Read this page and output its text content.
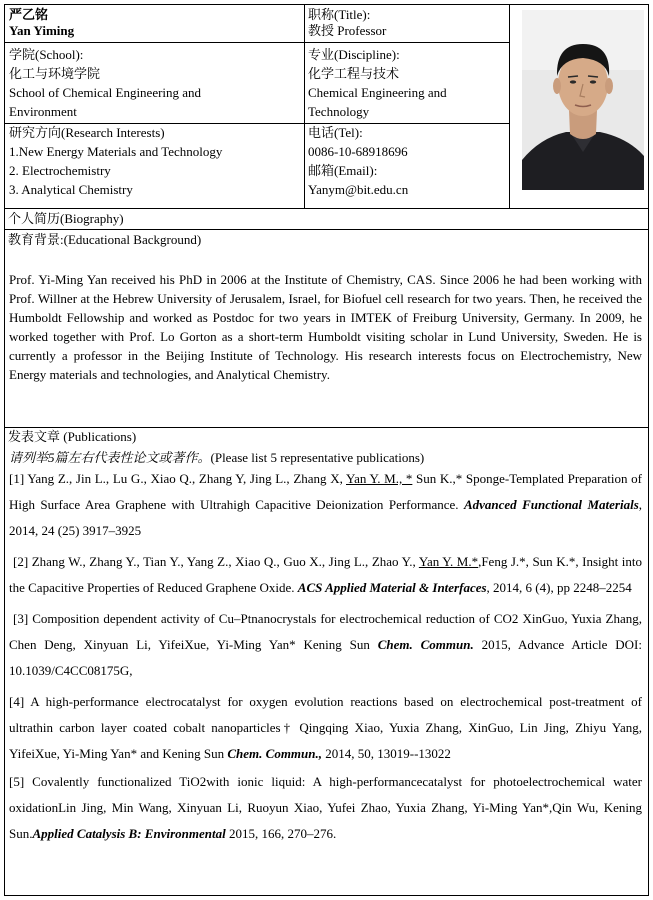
严乙铭
Yan Yiming
职称(Title):
教授 Professor
学院(School):
化工与环境学院
School of Chemical Engineering and
Environment
专业(Discipline):
化学工程与技术
Chemical Engineering and
Technology
研究方向(Research Interests)
1.New Energy Materials and Technology
2. Electrochemistry
3. Analytical Chemistry
电话(Tel):
0086-10-68918696
邮箱(Email):
Yanym@bit.edu.cn
个人简历(Biography)
教育背景:(Educational Background)
Prof. Yi-Ming Yan received his PhD in 2006 at the Institute of Chemistry, CAS. Since 2006 he had been working with Prof. Willner at the Hebrew University of Jerusalem, Israel, for Biofuel cell research for two years. Then, he received the Humboldt Fellowship and worked as Postdoc for two years in IMTEK of Freiburg University, Germany. In 2009, he worked together with Prof. Lo Gorton as a short-term Humboldt visiting scholar in Lund University, Sweden. He is currently a professor in the Beijing Institute of Technology. His research interests focus on Electrochemistry, New Energy materials and technologies, and Analytical Chemistry.
发表文章 (Publications)
请列举5篇左右代表性论文或著作。(Please list 5 representative publications)

[1] Yang Z., Jin L., Lu G., Xiao Q., Zhang Y, Jing L., Zhang X, Yan Y. M., * Sun K.,* Sponge-Templated Preparation of High Surface Area Graphene with Ultrahigh Capacitive Deionization Performance. Advanced Functional Materials, 2014, 24 (25) 3917–3925

[2] Zhang W., Zhang Y., Tian Y., Yang Z., Xiao Q., Guo X., Jing L., Zhao Y., Yan Y. M.*,Feng J.*, Sun K.*, Insight into the Capacitive Properties of Reduced Graphene Oxide. ACS Applied Material & Interfaces, 2014, 6 (4), pp 2248–2254

[3] Composition dependent activity of Cu–Ptnanocrystals for electrochemical reduction of CO2 XinGuo, Yuxia Zhang, Chen Deng, Xinyuan Li, YifeiXue, Yi-Ming Yan* Kening Sun Chem. Commun. 2015, Advance Article DOI: 10.1039/C4CC08175G,

[4] A high-performance electrocatalyst for oxygen evolution reactions based on electrochemical post-treatment of ultrathin carbon layer coated cobalt nanoparticles† Qingqing Xiao, Yuxia Zhang, XinGuo, Lin Jing, Zhiyu Yang, YifeiXue, Yi-Ming Yan* and Kening Sun Chem. Commun., 2014, 50, 13019--13022

[5] Covalently functionalized TiO2with ionic liquid: A high-performancecatalyst for photoelectrochemical water oxidationLin Jing, Min Wang, Xinyuan Li, Ruoyun Xiao, Yufei Zhao, Yuxia Zhang, Yi-Ming Yan*,Qin Wu, Kening Sun.Applied Catalysis B: Environmental 2015, 166, 270–276.
